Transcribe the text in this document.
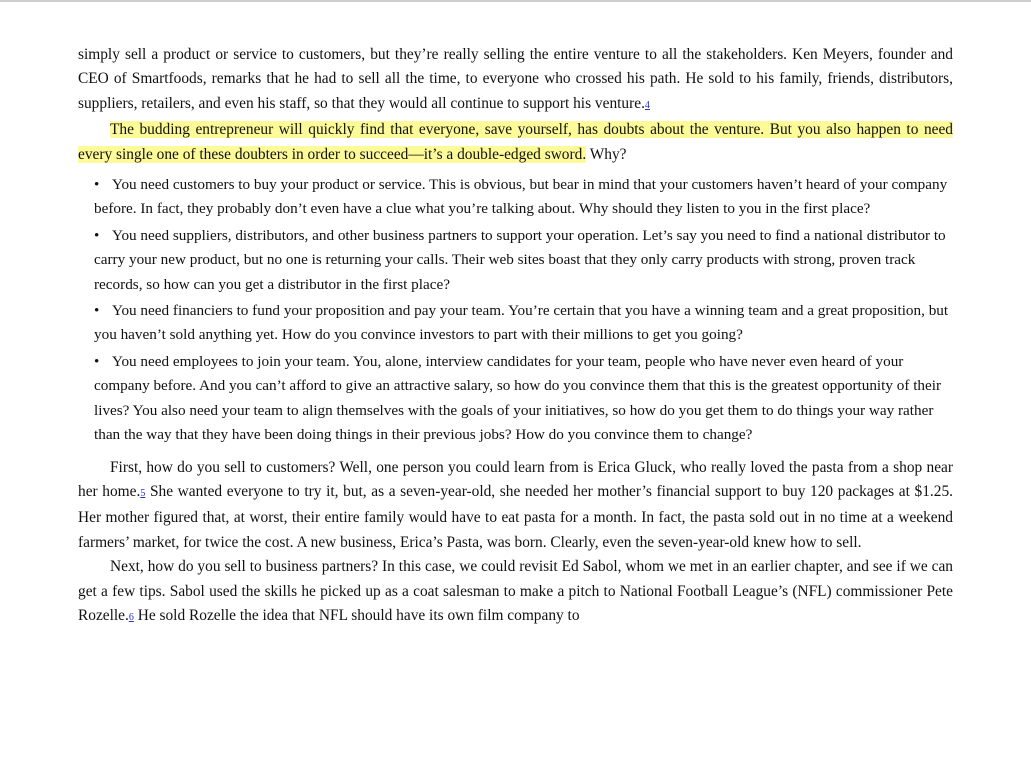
simply sell a product or service to customers, but they’re really selling the entire venture to all the stakeholders. Ken Meyers, founder and CEO of Smartfoods, remarks that he had to sell all the time, to everyone who crossed his path. He sold to his family, friends, distributors, suppliers, retailers, and even his staff, so that they would all continue to support his venture.4

The budding entrepreneur will quickly find that everyone, save yourself, has doubts about the venture. But you also happen to need every single one of these doubters in order to succeed—it’s a double-edged sword. Why?

• You need customers to buy your product or service. This is obvious, but bear in mind that your customers haven’t heard of your company before. In fact, they probably don’t even have a clue what you’re talking about. Why should they listen to you in the first place?
• You need suppliers, distributors, and other business partners to support your operation. Let’s say you need to find a national distributor to carry your new product, but no one is returning your calls. Their web sites boast that they only carry products with strong, proven track records, so how can you get a distributor in the first place?
• You need financiers to fund your proposition and pay your team. You’re certain that you have a winning team and a great proposition, but you haven’t sold anything yet. How do you convince investors to part with their millions to get you going?
• You need employees to join your team. You, alone, interview candidates for your team, people who have never even heard of your company before. And you can’t afford to give an attractive salary, so how do you convince them that this is the greatest opportunity of their lives? You also need your team to align themselves with the goals of your initiatives, so how do you get them to do things your way rather than the way that they have been doing things in their previous jobs? How do you convince them to change?

First, how do you sell to customers? Well, one person you could learn from is Erica Gluck, who really loved the pasta from a shop near her home.5 She wanted everyone to try it, but, as a seven-year-old, she needed her mother’s financial support to buy 120 packages at $1.25. Her mother figured that, at worst, their entire family would have to eat pasta for a month. In fact, the pasta sold out in no time at a weekend farmers’ market, for twice the cost. A new business, Erica’s Pasta, was born. Clearly, even the seven-year-old knew how to sell.

Next, how do you sell to business partners? In this case, we could revisit Ed Sabol, whom we met in an earlier chapter, and see if we can get a few tips. Sabol used the skills he picked up as a coat salesman to make a pitch to National Football League’s (NFL) commissioner Pete Rozelle.6 He sold Rozelle the idea that NFL should have its own film company to
